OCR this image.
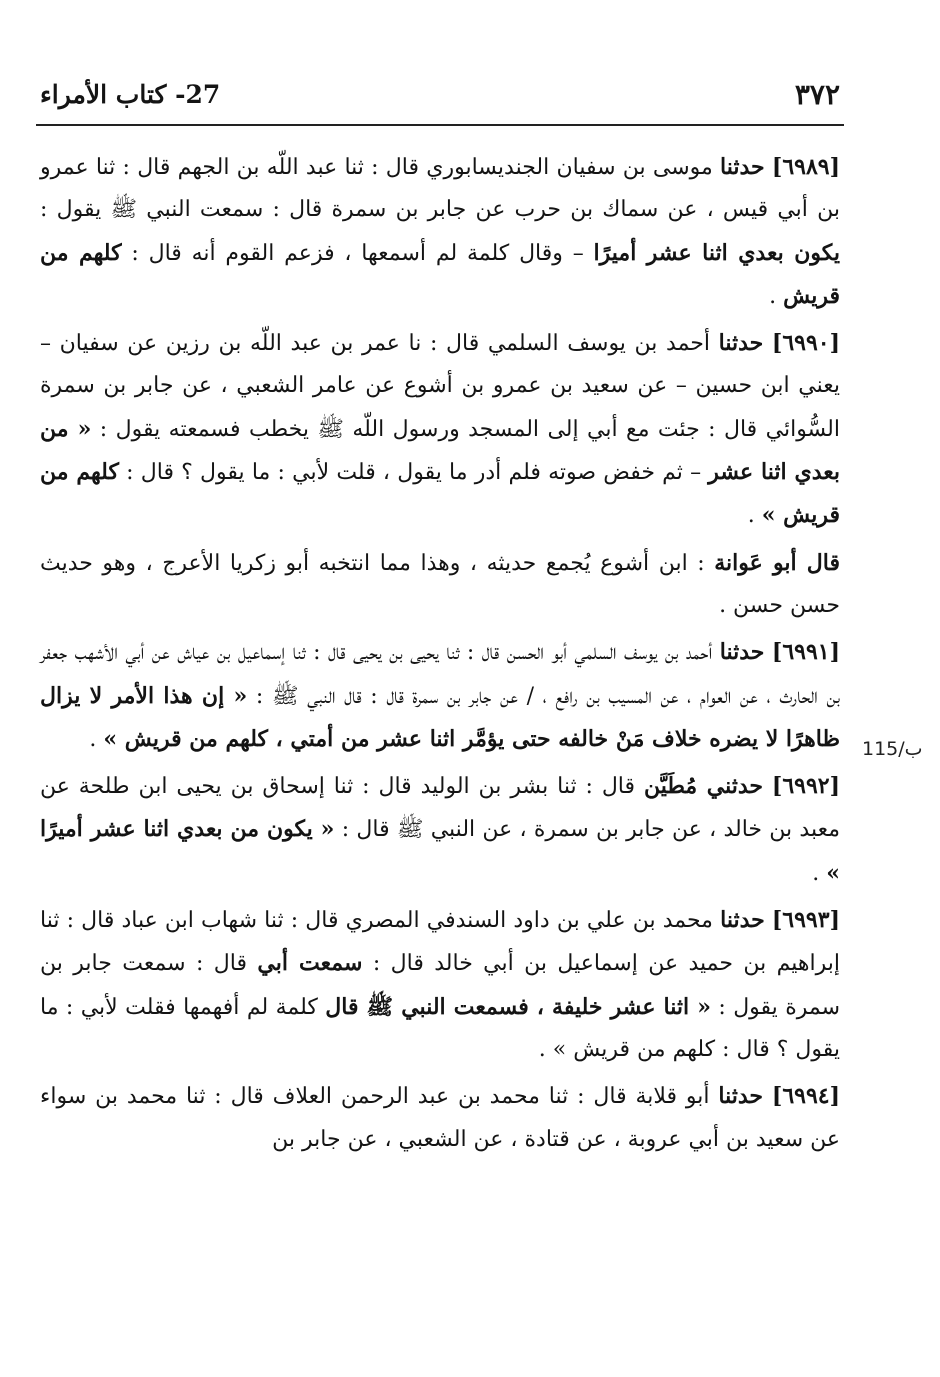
٣٧٢
27- كتاب الأمراء
115/ب

[٦٩٨٩] حدثنا موسى بن سفيان الجنديسابوري قال : ثنا عبد اللّه بن الجهم قال : ثنا عمرو بن أبي قيس ، عن سماك بن حرب عن جابر بن سمرة قال : سمعت النبي ﷺ يقول : يكون بعدي اثنا عشر أميرًا – وقال كلمة لم أسمعها ، فزعم القوم أنه قال : كلهم من قريش .

[٦٩٩٠] حدثنا أحمد بن يوسف السلمي قال : نا عمر بن عبد اللّه بن رزين عن سفيان – يعني ابن حسين – عن سعيد بن عمرو بن أشوع عن عامر الشعبي ، عن جابر بن سمرة السُّوائي قال : جئت مع أبي إلى المسجد ورسول اللّه ﷺ يخطب فسمعته يقول : « من بعدي اثنا عشر – ثم خفض صوته فلم أدر ما يقول ، قلت لأبي : ما يقول ؟ قال : كلهم من قريش » .

قال أبو عَوانة : ابن أشوع يُجمع حديثه ، وهذا مما انتخبه أبو زكريا الأعرج ، وهو حديث حسن حسن .

[٦٩٩١] حدثنا أحمد بن يوسف السلمي أبو الحسن قال : ثنا يحيى بن يحيى قال : ثنا إسماعيل بن عياش عن أبي الأشهب جعفر بن الحارث ، عن العوام ، عن المسيب بن رافع ، / عن جابر بن سمرة قال : قال النبي ﷺ : « إن هذا الأمر لا يزال ظاهرًا لا يضره خلاف مَنْ خالفه حتى يؤمَّر اثنا عشر من أمتي ، كلهم من قريش » .

[٦٩٩٢] حدثني مُطَيَّن قال : ثنا بشر بن الوليد قال : ثنا إسحاق بن يحيى ابن طلحة عن معبد بن خالد ، عن جابر بن سمرة ، عن النبي ﷺ قال : « يكون من بعدي اثنا عشر أميرًا » .

[٦٩٩٣] حدثنا محمد بن علي بن داود السندفي المصري قال : ثنا شهاب ابن عباد قال : ثنا إبراهيم بن حميد عن إسماعيل بن أبي خالد قال : سمعت أبي قال : سمعت جابر بن سمرة يقول : « اثنا عشر خليفة ، فسمعت النبي ﷺ قال كلمة لم أفهمها فقلت لأبي : ما يقول ؟ قال : كلهم من قريش » .

[٦٩٩٤] حدثنا أبو قلابة قال : ثنا محمد بن عبد الرحمن العلاف قال : ثنا محمد بن سواء عن سعيد بن أبي عروبة ، عن قتادة ، عن الشعبي ، عن جابر بن
